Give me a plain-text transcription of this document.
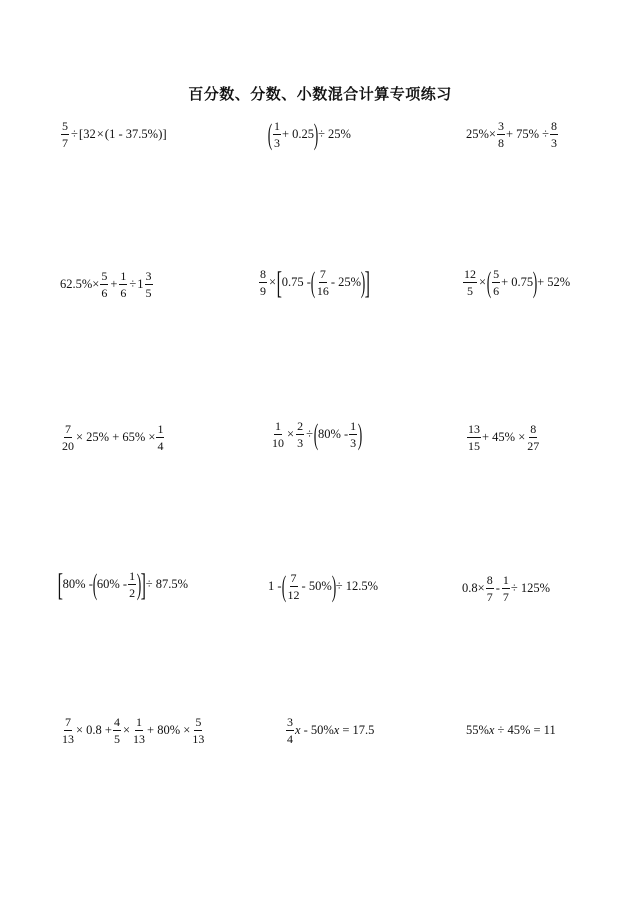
百分数、分数、小数混合计算专项练习
$\frac{5}{7}$ ÷ [ 32 × ( 1 - 37.5% ) ]	( $\frac{1}{3} + 0.25$ ) ÷ 25%	$25\%\times \frac{3}{8} + 75\% \div \frac{8}{3}$
$62.5\%\times \frac{5}{6} + \frac{1}{6} \div 1 \frac{3}{5}$	$\frac{8}{9}$ × [ 0.75 - ( $\frac{7}{16} - 25\%$ ) ]	$\frac{12}{5}$ × ( $\frac{5}{6} + 0.75$ ) + 52%
$\frac{7}{20} \times 25\% + 65\% \times \frac{1}{4}$	$\frac{1}{10} \times \frac{2}{3}$ ÷ ( $80\% - \frac{1}{3}$ )	$\frac{13}{15} + 45\% \times \frac{8}{27}$
[ 80% - ( $60\% - \frac{1}{2}$ ) ] ÷ 87.5%	1 - ( $\frac{7}{12} - 50\%$ ) ÷ 12.5%	$0.8\times \frac{8}{7} - \frac{1}{7} \div 125\%$
$\frac{7}{13} \times 0.8 + \frac{4}{5} \times \frac{1}{13} + 80\% \times \frac{5}{13}$	$\frac{3}{4}$ x - 50% x = 17.5	55% x ÷ 45% = 11
